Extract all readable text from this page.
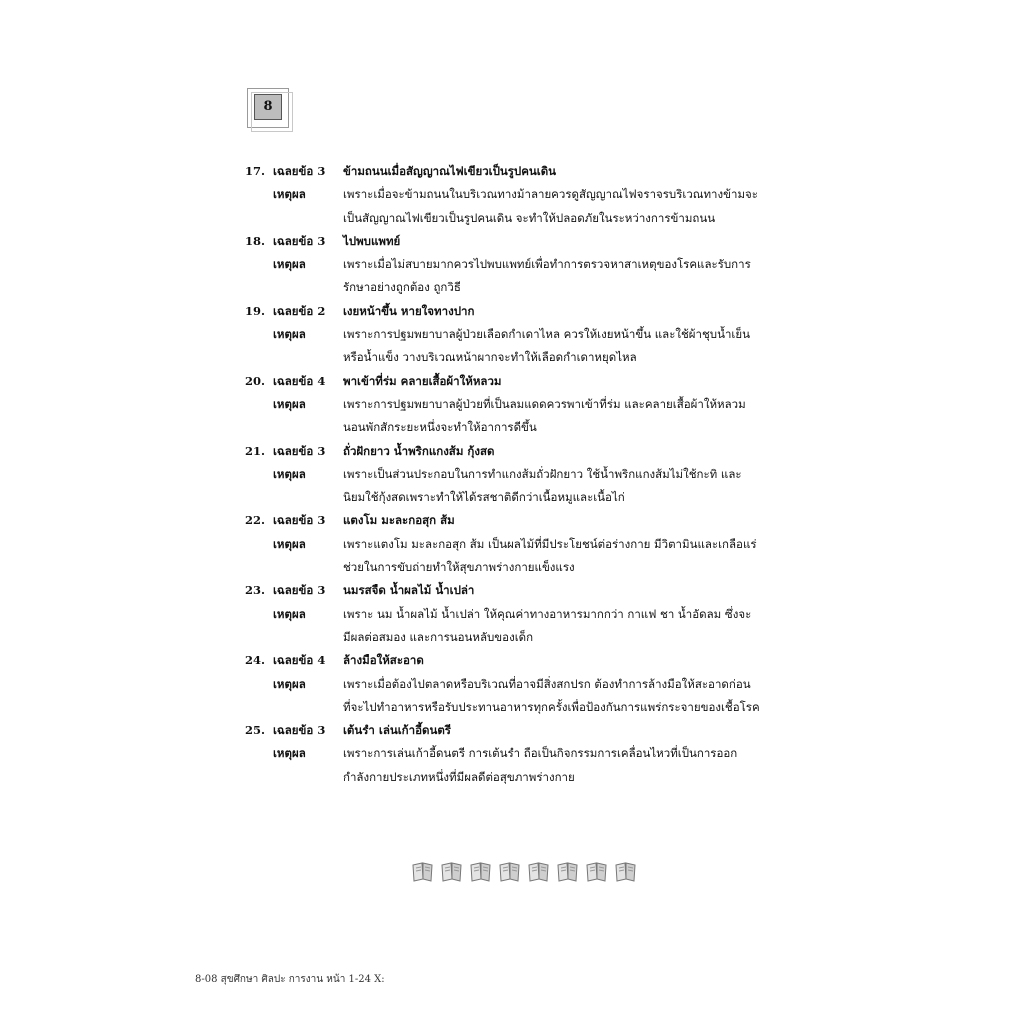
8
17. เฉลยข้อ 3 ข้ามถนนเมื่อสัญญาณไฟเขียวเป็นรูปคนเดิน
เหตุผล	เพราะเมื่อจะข้ามถนนในบริเวณทางม้าลายควรดูสัญญาณไฟจราจรบริเวณทางข้ามจะ
เป็นสัญญาณไฟเขียวเป็นรูปคนเดิน จะทำให้ปลอดภัยในระหว่างการข้ามถนน
18. เฉลยข้อ 3 ไปพบแพทย์
เหตุผล	เพราะเมื่อไม่สบายมากควรไปพบแพทย์เพื่อทำการตรวจหาสาเหตุของโรคและรับการ
รักษาอย่างถูกต้อง ถูกวิธี
19. เฉลยข้อ 2 เงยหน้าขึ้น หายใจทางปาก
เหตุผล	เพราะการปฐมพยาบาลผู้ป่วยเลือดกำเดาไหล ควรให้เงยหน้าขึ้น และใช้ผ้าชุบน้ำเย็น
หรือน้ำแข็ง วางบริเวณหน้าผากจะทำให้เลือดกำเดาหยุดไหล
20. เฉลยข้อ 4 พาเข้าที่ร่ม คลายเสื้อผ้าให้หลวม
เหตุผล	เพราะการปฐมพยาบาลผู้ป่วยที่เป็นลมแดดควรพาเข้าที่ร่ม และคลายเสื้อผ้าให้หลวม
นอนพักสักระยะหนึ่งจะทำให้อาการดีขึ้น
21. เฉลยข้อ 3 ถั่วฝักยาว น้ำพริกแกงส้ม กุ้งสด
เหตุผล	เพราะเป็นส่วนประกอบในการทำแกงส้มถั่วฝักยาว ใช้น้ำพริกแกงส้มไม่ใช้กะทิ และ
นิยมใช้กุ้งสดเพราะทำให้ได้รสชาติดีกว่าเนื้อหมูและเนื้อไก่
22. เฉลยข้อ 3 แตงโม มะละกอสุก ส้ม
เหตุผล	เพราะแตงโม มะละกอสุก ส้ม เป็นผลไม้ที่มีประโยชน์ต่อร่างกาย มีวิตามินและเกลือแร่
ช่วยในการขับถ่ายทำให้สุขภาพร่างกายแข็งแรง
23. เฉลยข้อ 3 นมรสจืด น้ำผลไม้ น้ำเปล่า
เหตุผล	เพราะ นม น้ำผลไม้ น้ำเปล่า ให้คุณค่าทางอาหารมากกว่า กาแฟ ชา น้ำอัดลม ซึ่งจะ
มีผลต่อสมอง และการนอนหลับของเด็ก
24. เฉลยข้อ 4 ล้างมือให้สะอาด
เหตุผล	เพราะเมื่อต้องไปตลาดหรือบริเวณที่อาจมีสิ่งสกปรก ต้องทำการล้างมือให้สะอาดก่อน
ที่จะไปทำอาหารหรือรับประทานอาหารทุกครั้งเพื่อป้องกันการแพร่กระจายของเชื้อโรค
25. เฉลยข้อ 3 เต้นรำ เล่นเก้าอี้ดนตรี
เหตุผล	เพราะการเล่นเก้าอี้ดนตรี การเต้นรำ ถือเป็นกิจกรรมการเคลื่อนไหวที่เป็นการออก
กำลังกายประเภทหนึ่งที่มีผลดีต่อสุขภาพร่างกาย
8-08 สุขศึกษา ศิลปะ การงาน หน้า 1-24 X:
